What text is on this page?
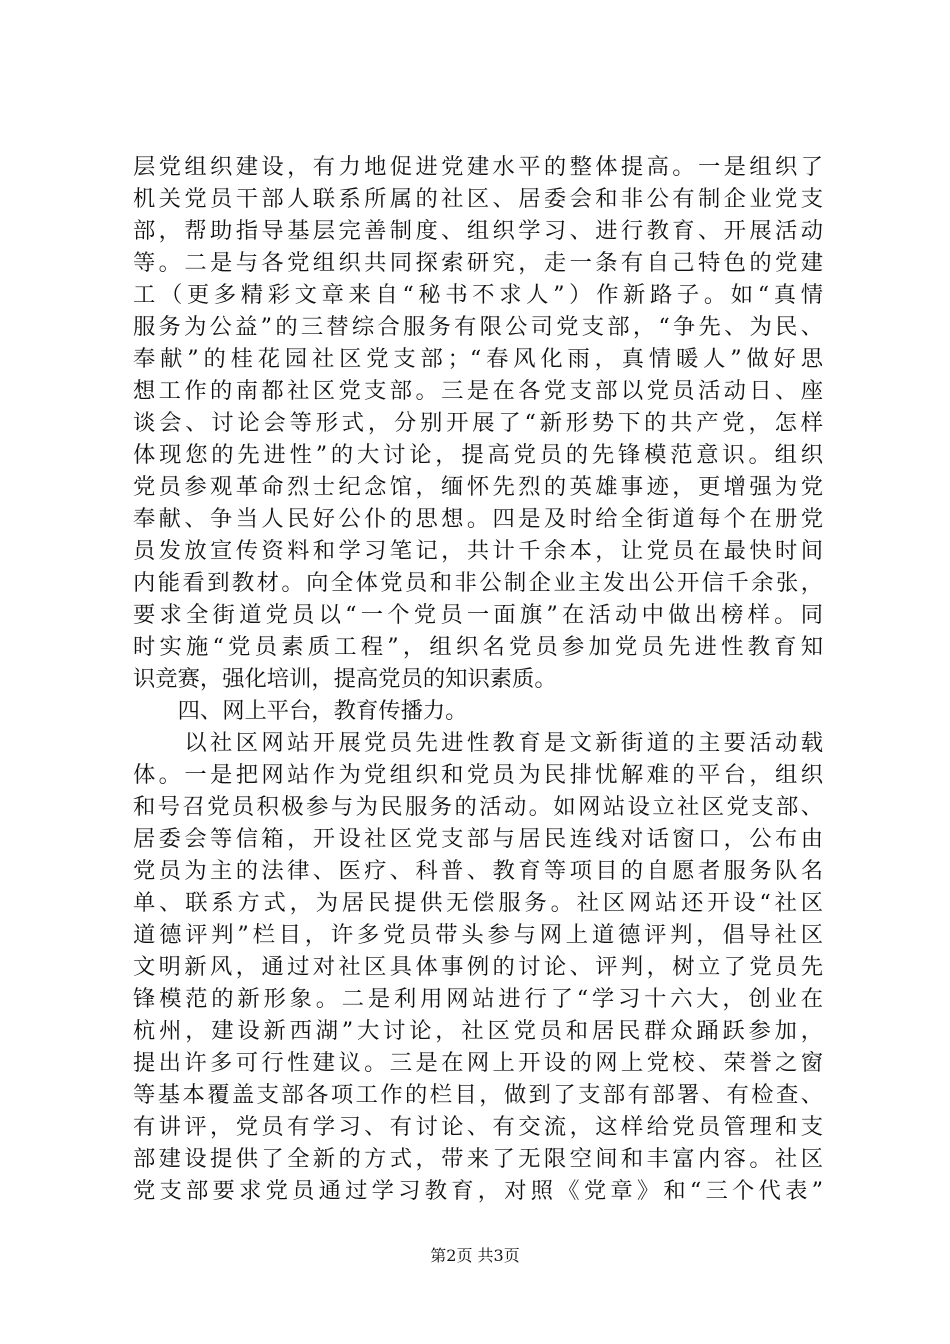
层党组织建设，有力地促进党建水平的整体提高。一是组织了
机关党员干部人联系所属的社区、居委会和非公有制企业党支
部，帮助指导基层完善制度、组织学习、进行教育、开展活动
等。二是与各党组织共同探索研究，走一条有自己特色的党建
工（更多精彩文章来自“秘书不求人”）作新路子。如“真情
服务为公益”的三替综合服务有限公司党支部，“争先、为民、
奉献”的桂花园社区党支部；“春风化雨，真情暖人”做好思
想工作的南都社区党支部。三是在各党支部以党员活动日、座
谈会、讨论会等形式，分别开展了“新形势下的共产党，怎样
体现您的先进性”的大讨论，提高党员的先锋模范意识。组织
党员参观革命烈士纪念馆，缅怀先烈的英雄事迹，更增强为党
奉献、争当人民好公仆的思想。四是及时给全街道每个在册党
员发放宣传资料和学习笔记，共计千余本，让党员在最快时间
内能看到教材。向全体党员和非公制企业主发出公开信千余张，
要求全街道党员以“一个党员一面旗”在活动中做出榜样。同
时实施“党员素质工程”，组织名党员参加党员先进性教育知
识竞赛，强化培训，提高党员的知识素质。
　　四、网上平台，教育传播力。
　　以社区网站开展党员先进性教育是文新街道的主要活动载
体。一是把网站作为党组织和党员为民排忧解难的平台，组织
和号召党员积极参与为民服务的活动。如网站设立社区党支部、
居委会等信箱，开设社区党支部与居民连线对话窗口，公布由
党员为主的法律、医疗、科普、教育等项目的自愿者服务队名
单、联系方式，为居民提供无偿服务。社区网站还开设“社区
道德评判”栏目，许多党员带头参与网上道德评判，倡导社区
文明新风，通过对社区具体事例的讨论、评判，树立了党员先
锋模范的新形象。二是利用网站进行了“学习十六大，创业在
杭州，建设新西湖”大讨论，社区党员和居民群众踊跃参加，
提出许多可行性建议。三是在网上开设的网上党校、荣誉之窗
等基本覆盖支部各项工作的栏目，做到了支部有部署、有检查、
有讲评，党员有学习、有讨论、有交流，这样给党员管理和支
部建设提供了全新的方式，带来了无限空间和丰富内容。社区
党支部要求党员通过学习教育，对照《党章》和“三个代表”
第2页 共3页
